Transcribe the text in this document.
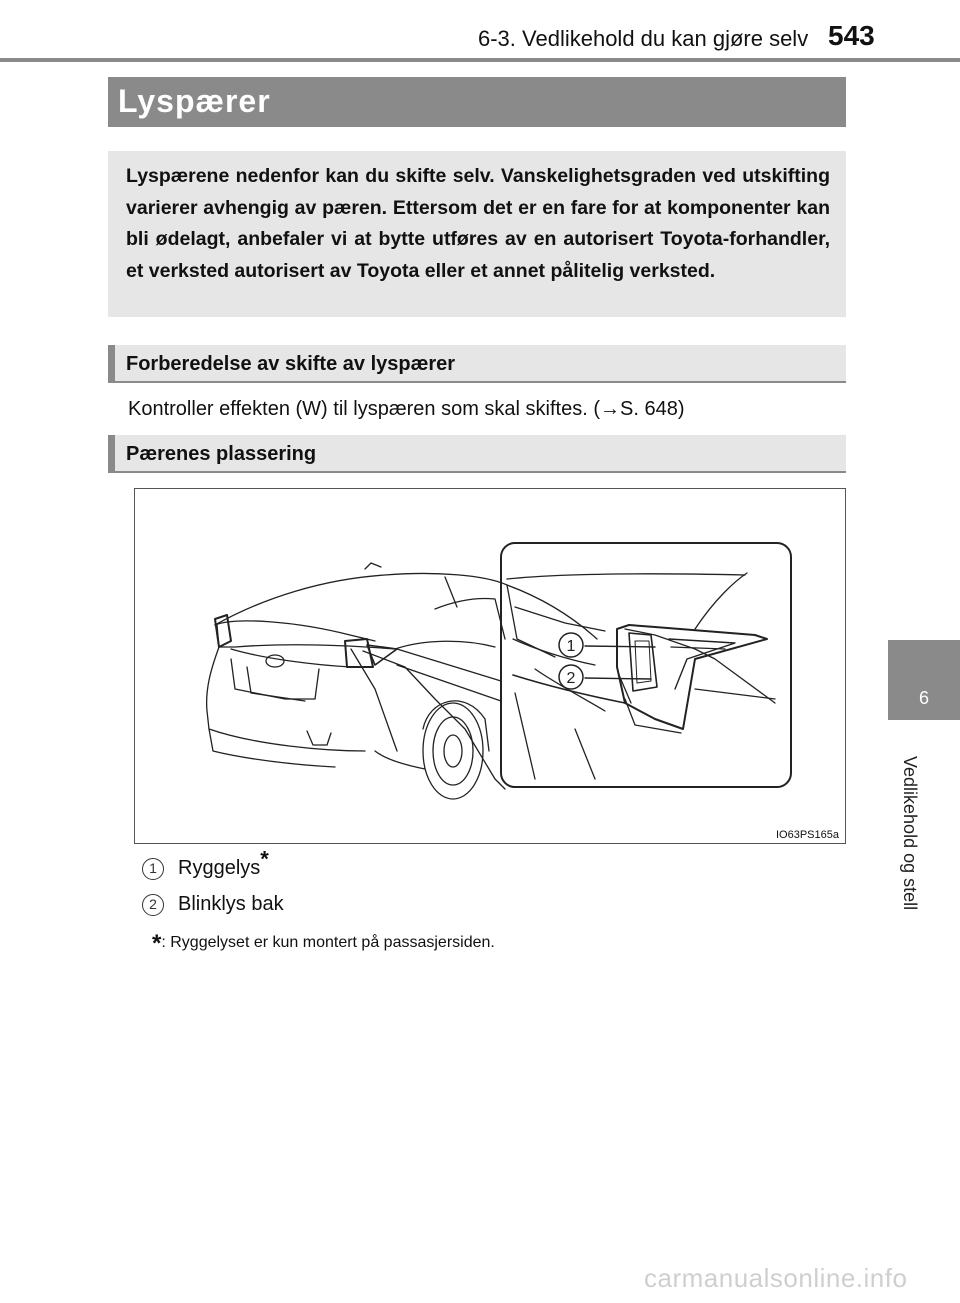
6-3. Vedlikehold du kan gjøre selv 543
6
Vedlikehold og stell
Lyspærer

Lyspærene nedenfor kan du skifte selv. Vanskelighetsgraden ved utskifting varierer avhengig av pæren. Ettersom det er en fare for at komponenter kan bli ødelagt, anbefaler vi at bytte utføres av en autorisert Toyota-forhandler, et verksted autorisert av Toyota eller et annet pålitelig verksted.

Forberedelse av skifte av lyspærer
Kontroller effekten (W) til lyspæren som skal skiftes. (→S. 648)
Pærenes plassering
1
2
IO63PS165a
1	Ryggelys*
2	Blinklys bak
*: Ryggelyset er kun montert på passasjersiden.
carmanualsonline.info
